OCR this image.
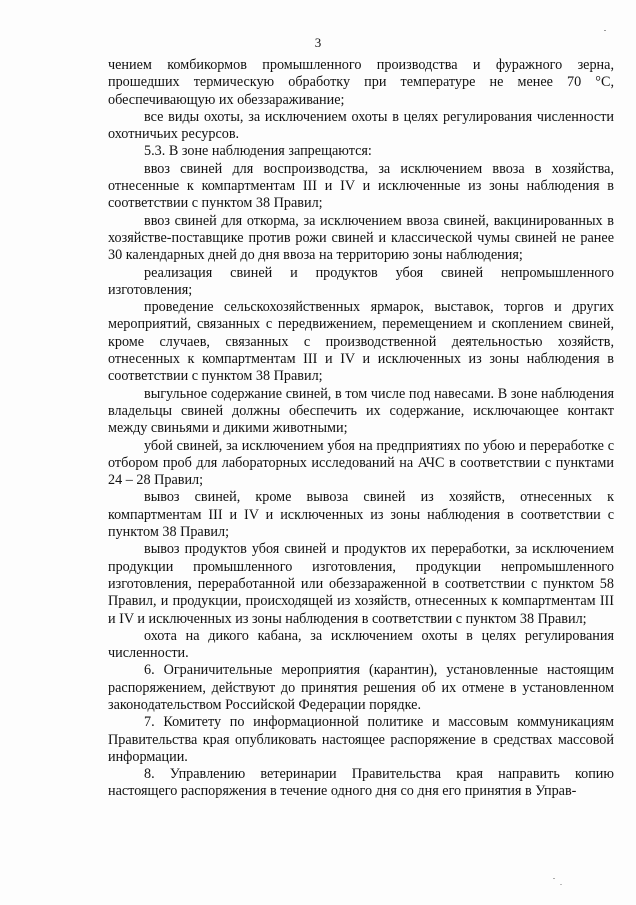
3

чением комбикормов промышленного производства и фуражного зерна, прошедших термическую обработку при температуре не менее 70 °С, обеспечивающую их обеззараживание;

все виды охоты, за исключением охоты в целях регулирования численности охотничьих ресурсов.

5.3. В зоне наблюдения запрещаются:

ввоз свиней для воспроизводства, за исключением ввоза в хозяйства, отнесенные к компартментам III и IV и исключенные из зоны наблюдения в соответствии с пунктом 38 Правил;

ввоз свиней для откорма, за исключением ввоза свиней, вакцинированных в хозяйстве-поставщике против рожи свиней и классической чумы свиней не ранее 30 календарных дней до дня ввоза на территорию зоны наблюдения;

реализация свиней и продуктов убоя свиней непромышленного изготовления;

проведение сельскохозяйственных ярмарок, выставок, торгов и других мероприятий, связанных с передвижением, перемещением и скоплением свиней, кроме случаев, связанных с производственной деятельностью хозяйств, отнесенных к компартментам III и IV и исключенных из зоны наблюдения в соответствии с пунктом 38 Правил;

выгульное содержание свиней, в том числе под навесами. В зоне наблюдения владельцы свиней должны обеспечить их содержание, исключающее контакт между свиньями и дикими животными;

убой свиней, за исключением убоя на предприятиях по убою и переработке с отбором проб для лабораторных исследований на АЧС в соответствии с пунктами 24 – 28 Правил;

вывоз свиней, кроме вывоза свиней из хозяйств, отнесенных к компартментам III и IV и исключенных из зоны наблюдения в соответствии с пунктом 38 Правил;

вывоз продуктов убоя свиней и продуктов их переработки, за исключением продукции промышленного изготовления, продукции непромышленного изготовления, переработанной или обеззараженной в соответствии с пунктом 58 Правил, и продукции, происходящей из хозяйств, отнесенных к компартментам III и IV и исключенных из зоны наблюдения в соответствии с пунктом 38 Правил;

охота на дикого кабана, за исключением охоты в целях регулирования численности.

6. Ограничительные мероприятия (карантин), установленные настоящим распоряжением, действуют до принятия решения об их отмене в установленном законодательством Российской Федерации порядке.

7. Комитету по информационной политике и массовым коммуникациям Правительства края опубликовать настоящее распоряжение в средствах массовой информации.

8. Управлению ветеринарии Правительства края направить копию настоящего распоряжения в течение одного дня со дня его принятия в Управ-
